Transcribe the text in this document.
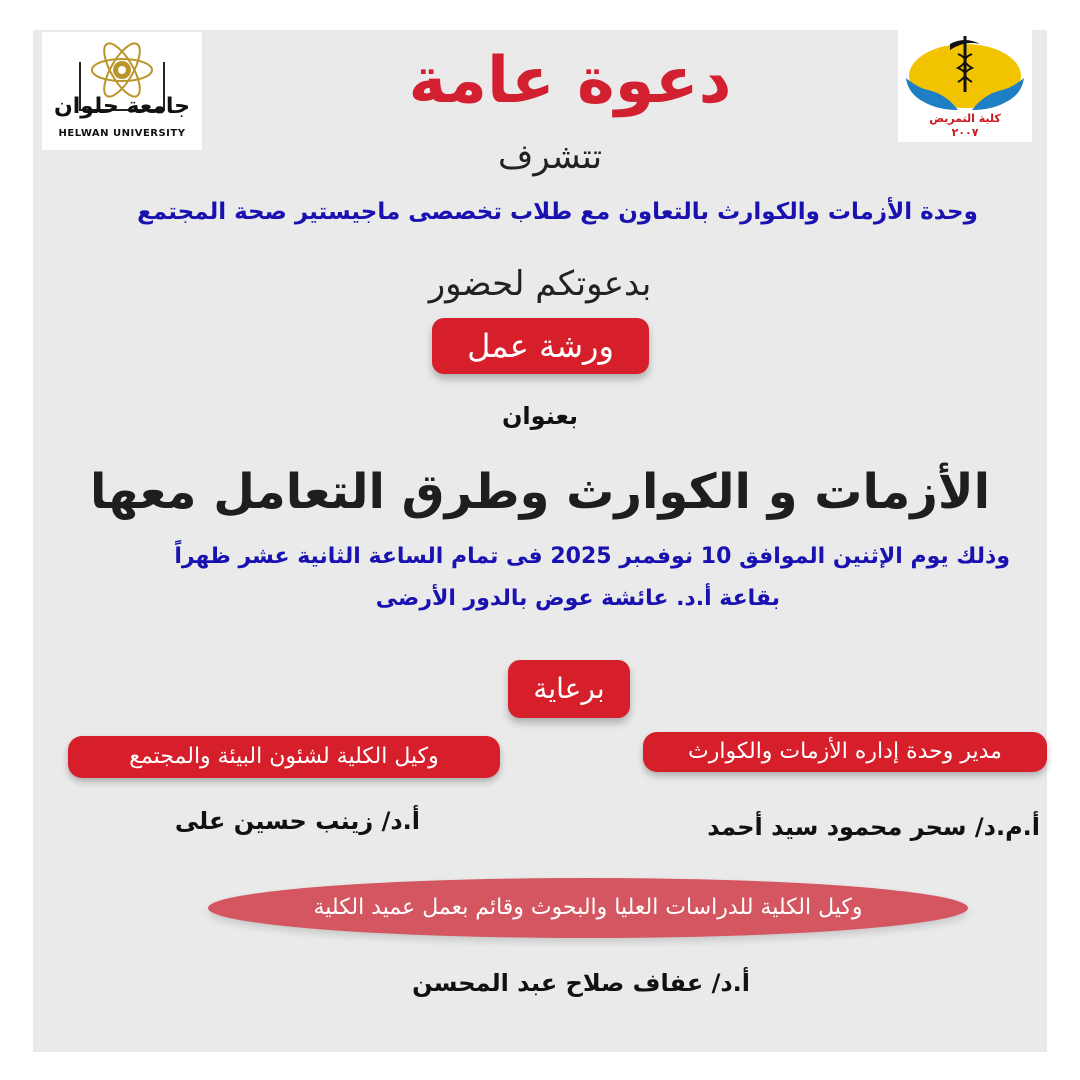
جامعة حلوان
HELWAN UNIVERSITY
كلية التمريض
٢٠٠٧
دعوة عامة
تتشرف
وحدة الأزمات والكوارث بالتعاون مع طلاب تخصصى ماجيستير صحة المجتمع
بدعوتكم لحضور
ورشة عمل
بعنوان
الأزمات و الكوارث وطرق التعامل معها
وذلك يوم الإثنين الموافق 10 نوفمبر 2025 فى تمام الساعة الثانية عشر ظهراً
بقاعة أ.د. عائشة عوض بالدور الأرضى
برعاية
وكيل الكلية لشئون البيئة والمجتمع	مدير وحدة إداره الأزمات والكوارث
أ.د/ زينب حسين على	أ.م.د/ سحر محمود سيد أحمد
وكيل الكلية للدراسات العليا والبحوث وقائم بعمل عميد الكلية
أ.د/ عفاف صلاح عبد المحسن
